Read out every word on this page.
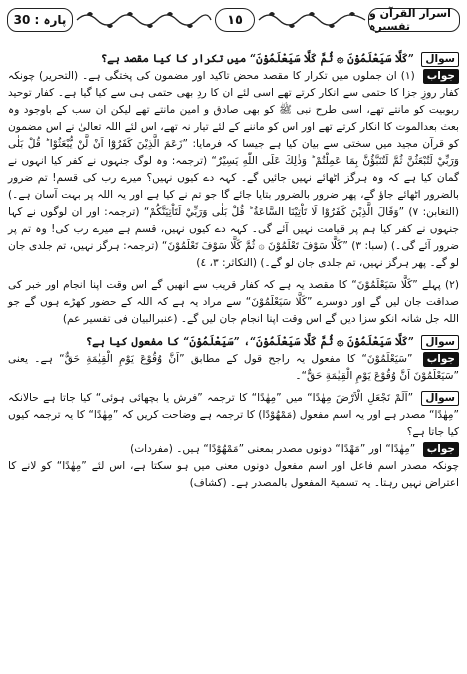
پارہ : 30	١٥	اسرار القرآن و تفسیرہ

سوال ”كَلَّا سَيَعْلَمُوْنَ ۞ ثُمَّ كَلَّا سَيَعْلَمُوْنَ“ میں تکرار کا کیا مقصد ہے؟

جواب (١) ان جملوں میں تکرار کا مقصد محض تاکید اور مضمون کی پختگی ہے۔ (التحریر) چونکہ کفار روزِ جزا کا حتمی سے انکار کرتے تھے اسی لئے ان کا ردِ بھی حتمی ہی سے کیا گیا ہے۔ کفار توحید ربوبیت کو مانتے تھے، اسی طرح نبی ﷺ کو بھی صادق و امین مانتے تھے لیکن ان سب کے باوجود وہ بعث بعدالموت کا انکار کرتے تھے اور اس کو ماننے کے لئے تیار نہ تھے، اس لئے اللہ تعالیٰ نے اس مضمون کو قرآن مجید میں سختی سے بیان کیا ہے جیسا کہ فرمایا: ”زَعَمَ الَّذِيْنَ كَفَرُوْٓا اَنْ لَّنْ يُّبْعَثُوْا ؕ قُلْ بَلٰى وَرَبِّيْ لَتُبْعَثُنَّ ثُمَّ لَتُنَبَّؤُنَّ بِمَا عَمِلْتُمْ ؕ وَذٰلِكَ عَلَى اللّٰهِ يَسِيْرٌ“ (ترجمہ: وہ لوگ جنہوں نے کفر کیا انہوں نے گمان کیا ہے کہ وہ ہرگز اٹھائے نہیں جائیں گے۔ کہہ دے کیوں نہیں؟ میرے رب کی قسم! تم ضرور بالضرور اٹھائے جاؤ گے، پھر ضرور بالضرور بتایا جائے گا جو تم نے کیا ہے اور یہ اللہ پر بہت آسان ہے۔) (التغابن: ٧) ”وَقَالَ الَّذِيْنَ كَفَرُوْا لَا تَاْتِيْنَا السَّاعَةُ ؕ قُلْ بَلٰى وَرَبِّيْ لَتَاْتِيَنَّكُمْ“ (ترجمہ: اور ان لوگوں نے کہا جنہوں نے کفر کیا ہم پر قیامت نہیں آئے گی۔ کہہ دے کیوں نہیں، قسم ہے میرے رب کی! وہ تم پر ضرور آئے گی۔) (سبا: ٣) ”كَلَّا سَوْفَ تَعْلَمُوْنَ ۞ ثُمَّ كَلَّا سَوْفَ تَعْلَمُوْنَ“ (ترجمہ: ہرگز نہیں، تم جلدی جان لو گے۔ پھر ہرگز نہیں، تم جلدی جان لو گے۔) (التکاثر: ٣، ٤)

(٢) پہلے ”كَلَّا سَيَعْلَمُوْنَ“ کا مقصد یہ ہے کہ کفار قریب سے انھیں گے اس وقت اپنا انجام اور خبر کی صداقت جان لیں گے اور دوسرے ”كَلَّا سَيَعْلَمُوْنَ“ سے مراد یہ ہے کہ اللہ کے حضور کھڑے ہوں گے جو اللہ جل شانہ انکو سزا دیں گے اس وقت اپنا انجام جان لیں گے۔ (عنبرالبیان فی تفسیر عم)

سوال ”كَلَّا سَيَعْلَمُوْنَ ۞ ثُمَّ كَلَّا سَيَعْلَمُوْنَ“، ”سَيَعْلَمُوْنَ“ کا مفعول کیا ہے؟

جواب ”سَيَعْلَمُوْنَ“ کا مفعول یہ راجح قول کے مطابق ”اَنَّ وُقُوْعَ يَوْمِ الْقِيٰمَةِ حَقٌّ“ ہے۔ یعنی ”سَيَعْلَمُوْنَ اَنَّ وُقُوْعَ يَوْمِ الْقِيٰمَةِ حَقٌّ“۔

سوال ”اَلَمْ نَجْعَلِ الْاَرْضَ مِهٰدًا“ میں ”مِهٰدًا“ کا ترجمہ ”فرش یا بچھائی ہوئی“ کیا جاتا ہے حالانکہ ”مِهٰدًا“ مصدر ہے اور یہ اسم مفعول (مَمْهُوْدًا) کا ترجمہ ہے وضاحت کریں کہ ”مِهٰدًا“ کا یہ ترجمہ کیوں کیا جاتا ہے؟

جواب ”مِهٰدًا“ اور ”مَهْدًا“ دونوں مصدر بمعنی ”مَمْهُوْدًا“ ہیں۔ (مفردات)

چونکہ مصدر اسم فاعل اور اسم مفعول دونوں معنی میں ہو سکتا ہے، اس لئے ”مِهٰدًا“ کو لانے کا اعتراض نہیں رہتا۔ یہ تسمیۃ المفعول بالمصدر ہے۔ (کشاف)
